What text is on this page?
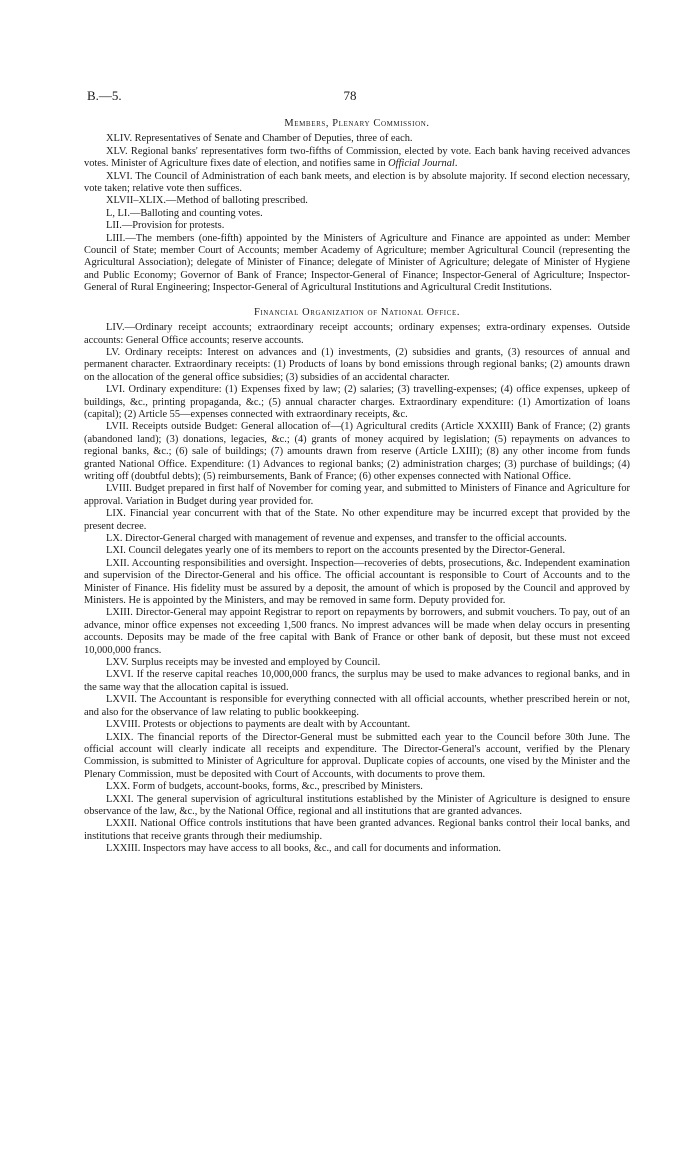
B.—5.	78
Members, Plenary Commission.

XLIV. Representatives of Senate and Chamber of Deputies, three of each.

XLV. Regional banks' representatives form two-fifths of Commission, elected by vote. Each bank having received advances votes. Minister of Agriculture fixes date of election, and notifies same in Official Journal.

XLVI. The Council of Administration of each bank meets, and election is by absolute majority. If second election necessary, vote taken; relative vote then suffices.

XLVII–XLIX.—Method of balloting prescribed.

L, LI.—Balloting and counting votes.

LII.—Provision for protests.

LIII.—The members (one-fifth) appointed by the Ministers of Agriculture and Finance are appointed as under: Member Council of State; member Court of Accounts; member Academy of Agriculture; member Agricultural Council (representing the Agricultural Association); delegate of Minister of Finance; delegate of Minister of Agriculture; delegate of Minister of Hygiene and Public Economy; Governor of Bank of France; Inspector-General of Finance; Inspector-General of Agriculture; Inspector-General of Rural Engineering; Inspector-General of Agricultural Institutions and Agricultural Credit Institutions.

Financial Organization of National Office.

LIV.—Ordinary receipt accounts; extraordinary receipt accounts; ordinary expenses; extra-ordinary expenses. Outside accounts: General Office accounts; reserve accounts.

LV. Ordinary receipts: Interest on advances and (1) investments, (2) subsidies and grants, (3) resources of annual and permanent character. Extraordinary receipts: (1) Products of loans by bond emissions through regional banks; (2) amounts drawn on the allocation of the general office subsidies; (3) subsidies of an accidental character.

LVI. Ordinary expenditure: (1) Expenses fixed by law; (2) salaries; (3) travelling-expenses; (4) office expenses, upkeep of buildings, &c., printing propaganda, &c.; (5) annual character charges. Extraordinary expenditure: (1) Amortization of loans (capital); (2) Article 55—expenses connected with extraordinary receipts, &c.

LVII. Receipts outside Budget: General allocation of—(1) Agricultural credits (Article XXXIII) Bank of France; (2) grants (abandoned land); (3) donations, legacies, &c.; (4) grants of money acquired by legislation; (5) repayments on advances to regional banks, &c.; (6) sale of buildings; (7) amounts drawn from reserve (Article LXIII); (8) any other income from funds granted National Office. Expenditure: (1) Advances to regional banks; (2) administration charges; (3) purchase of buildings; (4) writing off (doubtful debts); (5) reimbursements, Bank of France; (6) other expenses connected with National Office.

LVIII. Budget prepared in first half of November for coming year, and submitted to Ministers of Finance and Agriculture for approval. Variation in Budget during year provided for.

LIX. Financial year concurrent with that of the State. No other expenditure may be incurred except that provided by the present decree.

LX. Director-General charged with management of revenue and expenses, and transfer to the official accounts.

LXI. Council delegates yearly one of its members to report on the accounts presented by the Director-General.

LXII. Accounting responsibilities and oversight. Inspection—recoveries of debts, prosecutions, &c. Independent examination and supervision of the Director-General and his office. The official accountant is responsible to Court of Accounts and to the Minister of Finance. His fidelity must be assured by a deposit, the amount of which is proposed by the Council and approved by Ministers. He is appointed by the Ministers, and may be removed in same form. Deputy provided for.

LXIII. Director-General may appoint Registrar to report on repayments by borrowers, and submit vouchers. To pay, out of an advance, minor office expenses not exceeding 1,500 francs. No imprest advances will be made when delay occurs in presenting accounts. Deposits may be made of the free capital with Bank of France or other bank of deposit, but these must not exceed 10,000,000 francs.

LXV. Surplus receipts may be invested and employed by Council.

LXVI. If the reserve capital reaches 10,000,000 francs, the surplus may be used to make advances to regional banks, and in the same way that the allocation capital is issued.

LXVII. The Accountant is responsible for everything connected with all official accounts, whether prescribed herein or not, and also for the observance of law relating to public bookkeeping.

LXVIII. Protests or objections to payments are dealt with by Accountant.

LXIX. The financial reports of the Director-General must be submitted each year to the Council before 30th June. The official account will clearly indicate all receipts and expenditure. The Director-General's account, verified by the Plenary Commission, is submitted to Minister of Agriculture for approval. Duplicate copies of accounts, one vised by the Minister and the Plenary Commission, must be deposited with Court of Accounts, with documents to prove them.

LXX. Form of budgets, account-books, forms, &c., prescribed by Ministers.

LXXI. The general supervision of agricultural institutions established by the Minister of Agriculture is designed to ensure observance of the law, &c., by the National Office, regional and all institutions that are granted advances.

LXXII. National Office controls institutions that have been granted advances. Regional banks control their local banks, and institutions that receive grants through their mediumship.

LXXIII. Inspectors may have access to all books, &c., and call for documents and information.
